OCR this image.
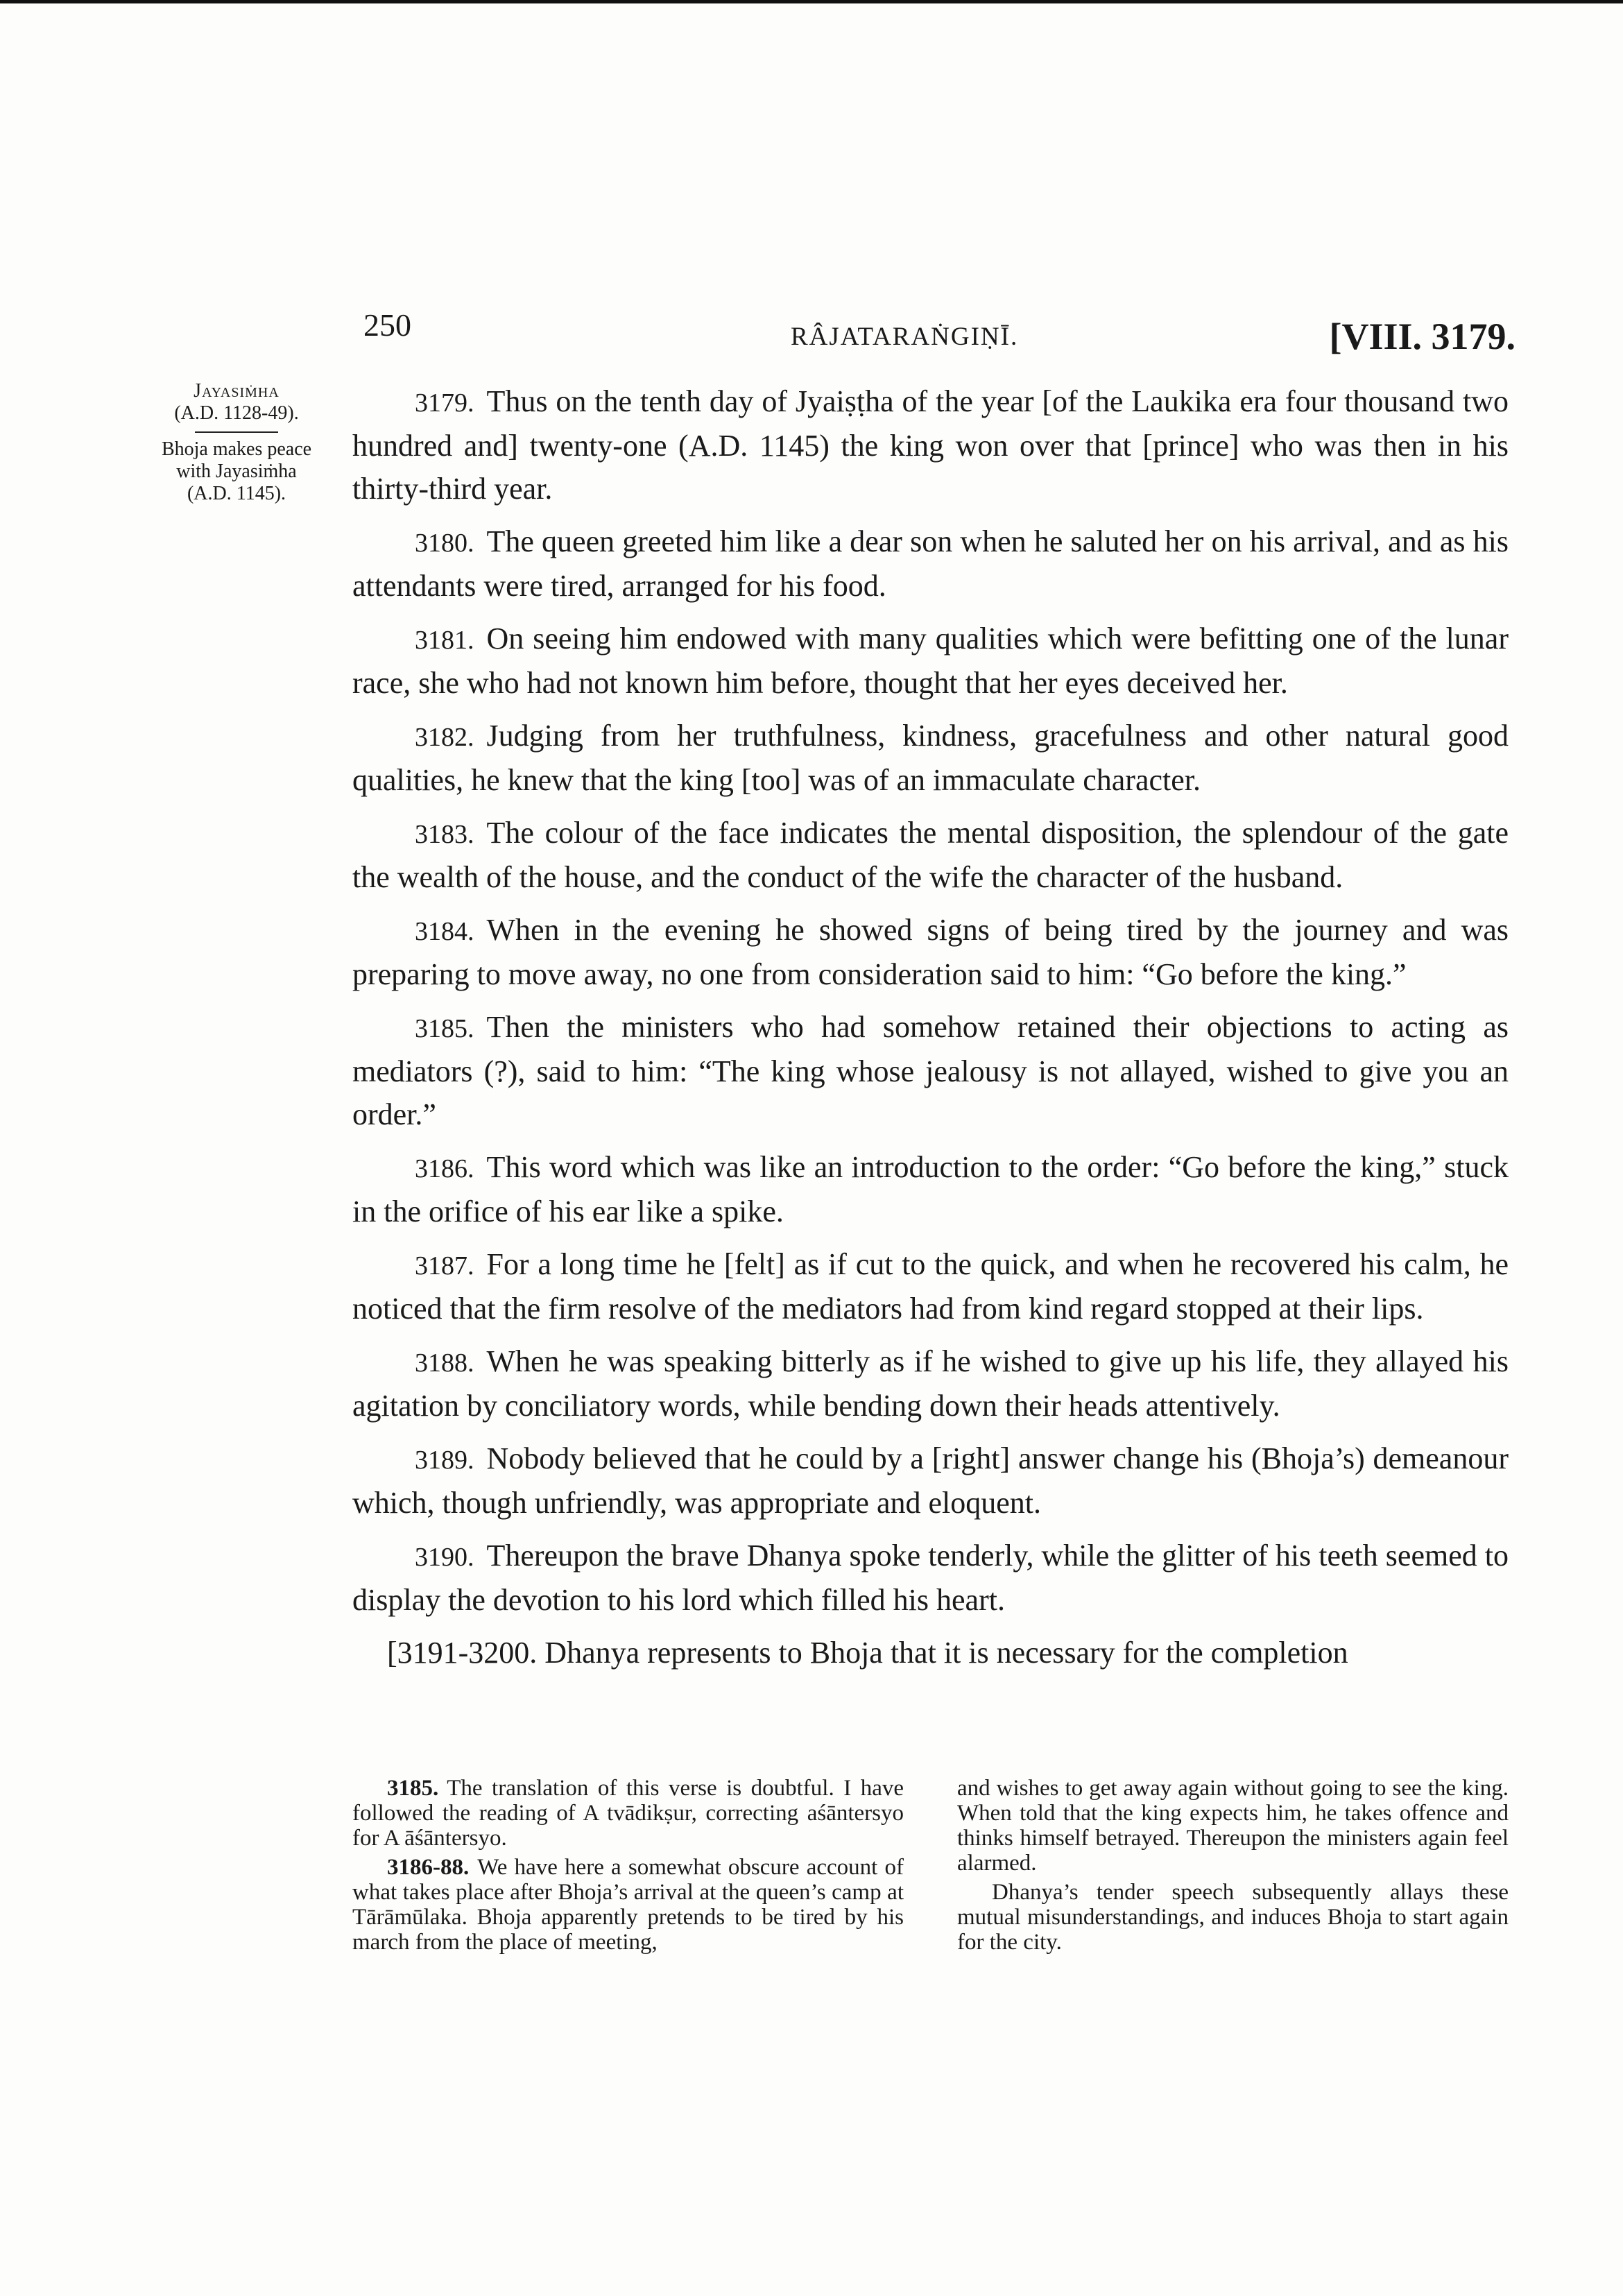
250	RÂJATARAṄGIṆĪ.	[VIII. 3179.
Jayasiṁha
(A.D. 1128-49).
Bhoja makes peace
with Jayasiṁha
(A.D. 1145).

3179. Thus on the tenth day of Jyaiṣṭha of the year [of the Laukika era four thousand two hundred and] twenty-one (A.D. 1145) the king won over that [prince] who was then in his thirty-third year.

3180. The queen greeted him like a dear son when he saluted her on his arrival, and as his attendants were tired, arranged for his food.

3181. On seeing him endowed with many qualities which were befitting one of the lunar race, she who had not known him before, thought that her eyes deceived her.

3182. Judging from her truthfulness, kindness, gracefulness and other natural good qualities, he knew that the king [too] was of an immaculate character.

3183. The colour of the face indicates the mental disposition, the splendour of the gate the wealth of the house, and the conduct of the wife the character of the husband.

3184. When in the evening he showed signs of being tired by the journey and was preparing to move away, no one from consideration said to him: “Go before the king.”

3185. Then the ministers who had somehow retained their objections to acting as mediators (?), said to him: “The king whose jealousy is not allayed, wished to give you an order.”

3186. This word which was like an introduction to the order: “Go before the king,” stuck in the orifice of his ear like a spike.

3187. For a long time he [felt] as if cut to the quick, and when he recovered his calm, he noticed that the firm resolve of the mediators had from kind regard stopped at their lips.

3188. When he was speaking bitterly as if he wished to give up his life, they allayed his agitation by conciliatory words, while bending down their heads attentively.

3189. Nobody believed that he could by a [right] answer change his (Bhoja’s) demeanour which, though unfriendly, was appropriate and eloquent.

3190. Thereupon the brave Dhanya spoke tenderly, while the glitter of his teeth seemed to display the devotion to his lord which filled his heart.

[3191-3200. Dhanya represents to Bhoja that it is necessary for the completion

3185. The translation of this verse is doubtful. I have followed the reading of A tvādikṣur, correcting aśāntersyo for A āśāntersyo.

3186-88. We have here a somewhat obscure account of what takes place after Bhoja’s arrival at the queen’s camp at Tārāmūlaka. Bhoja apparently pretends to be tired by his march from the place of meeting,

and wishes to get away again without going to see the king. When told that the king expects him, he takes offence and thinks himself betrayed. Thereupon the ministers again feel alarmed.

Dhanya’s tender speech subsequently allays these mutual misunderstandings, and induces Bhoja to start again for the city.
